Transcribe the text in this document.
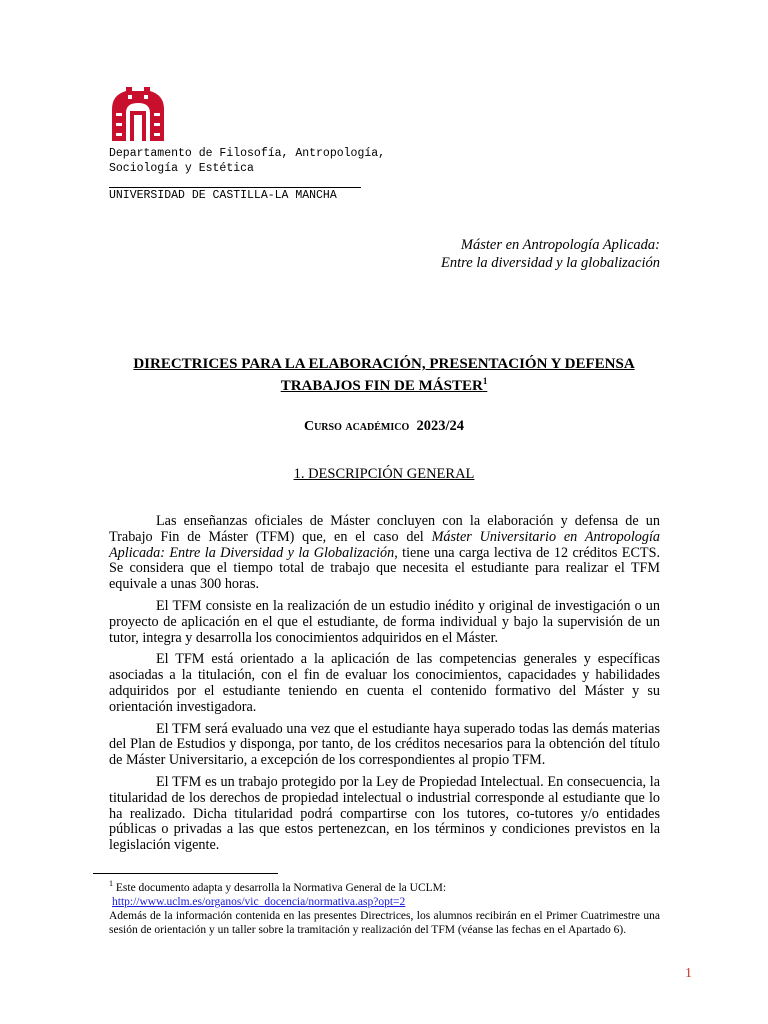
Departamento de Filosofía, Antropología,
Sociología y Estética
UNIVERSIDAD DE CASTILLA-LA MANCHA
Máster en Antropología Aplicada:
Entre la diversidad y la globalización
DIRECTRICES PARA LA ELABORACIÓN, PRESENTACIÓN Y DEFENSA
TRABAJOS FIN DE MÁSTER$^1$
Curso académico 2023/24
1. DESCRIPCIÓN GENERAL

Las enseñanzas oficiales de Máster concluyen con la elaboración y defensa de un Trabajo Fin de Máster (TFM) que, en el caso del Máster Universitario en Antropología Aplicada: Entre la Diversidad y la Globalización, tiene una carga lectiva de 12 créditos ECTS. Se considera que el tiempo total de trabajo que necesita el estudiante para realizar el TFM equivale a unas 300 horas.

El TFM consiste en la realización de un estudio inédito y original de investigación o un proyecto de aplicación en el que el estudiante, de forma individual y bajo la supervisión de un tutor, integra y desarrolla los conocimientos adquiridos en el Máster.

El TFM está orientado a la aplicación de las competencias generales y específicas asociadas a la titulación, con el fin de evaluar los conocimientos, capacidades y habilidades adquiridos por el estudiante teniendo en cuenta el contenido formativo del Máster y su orientación investigadora.

El TFM será evaluado una vez que el estudiante haya superado todas las demás materias del Plan de Estudios y disponga, por tanto, de los créditos necesarios para la obtención del título de Máster Universitario, a excepción de los correspondientes al propio TFM.

El TFM es un trabajo protegido por la Ley de Propiedad Intelectual. En consecuencia, la titularidad de los derechos de propiedad intelectual o industrial corresponde al estudiante que lo ha realizado. Dicha titularidad podrá compartirse con los tutores, co-tutores y/o entidades públicas o privadas a las que estos pertenezcan, en los términos y condiciones previstos en la legislación vigente.

$^1$ Este documento adapta y desarrolla la Normativa General de la UCLM:
http://www.uclm.es/organos/vic_docencia/normativa.asp?opt=2
Además de la información contenida en las presentes Directrices, los alumnos recibirán en el Primer Cuatrimestre una sesión de orientación y un taller sobre la tramitación y realización del TFM (véanse las fechas en el Apartado 6).
1
